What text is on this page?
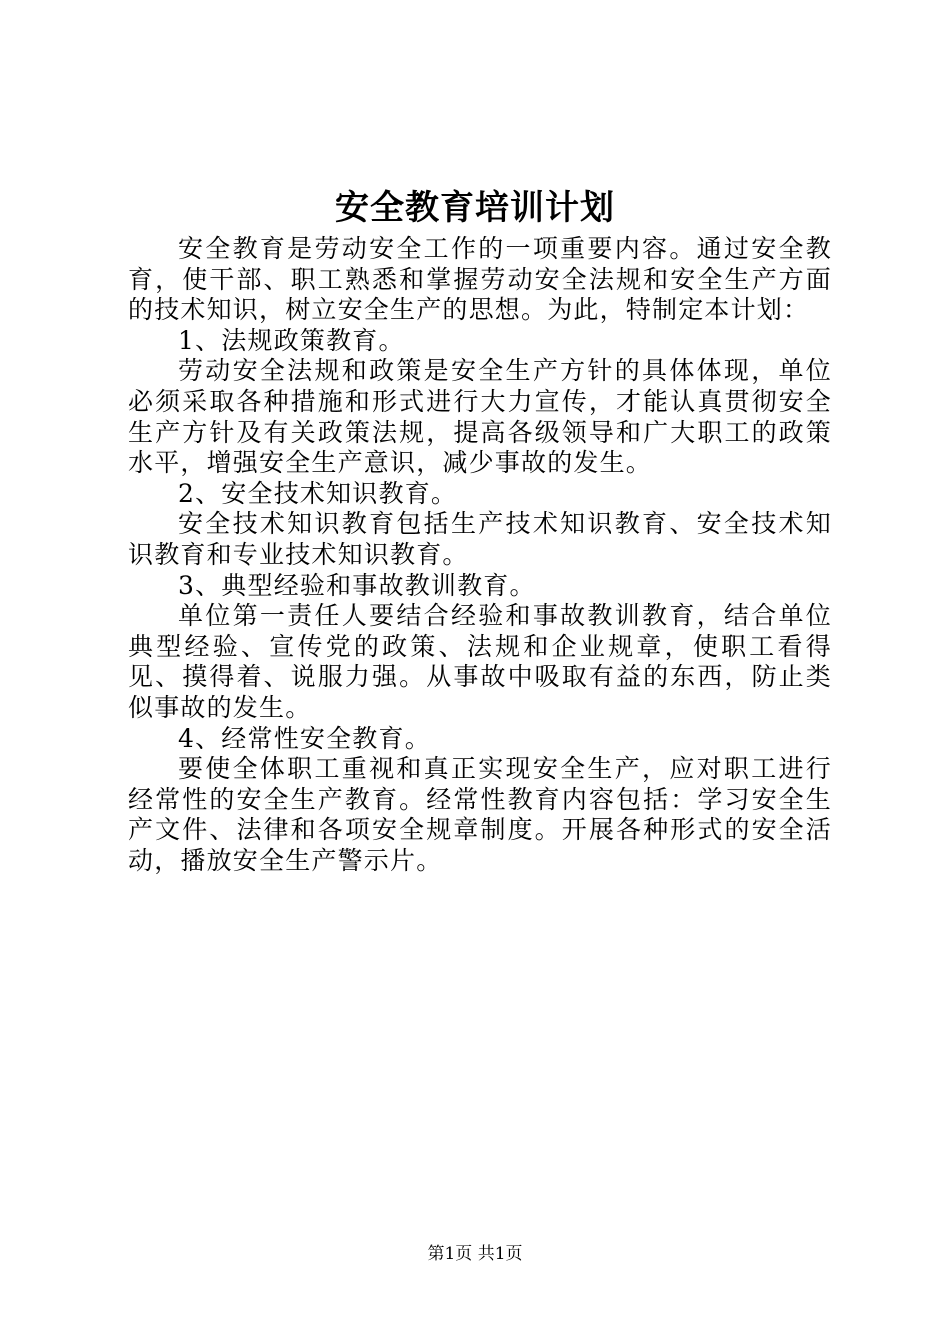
安全教育培训计划

安全教育是劳动安全工作的一项重要内容。通过安全教育，使干部、职工熟悉和掌握劳动安全法规和安全生产方面的技术知识，树立安全生产的思想。为此，特制定本计划：

1、法规政策教育。

劳动安全法规和政策是安全生产方针的具体体现，单位必须采取各种措施和形式进行大力宣传，才能认真贯彻安全生产方针及有关政策法规，提高各级领导和广大职工的政策水平，增强安全生产意识，减少事故的发生。

2、安全技术知识教育。

安全技术知识教育包括生产技术知识教育、安全技术知识教育和专业技术知识教育。

3、典型经验和事故教训教育。

单位第一责任人要结合经验和事故教训教育，结合单位典型经验、宣传党的政策、法规和企业规章，使职工看得见、摸得着、说服力强。从事故中吸取有益的东西，防止类似事故的发生。

4、经常性安全教育。

要使全体职工重视和真正实现安全生产，应对职工进行经常性的安全生产教育。经常性教育内容包括：学习安全生产文件、法律和各项安全规章制度。开展各种形式的安全活动，播放安全生产警示片。

第1页 共1页
